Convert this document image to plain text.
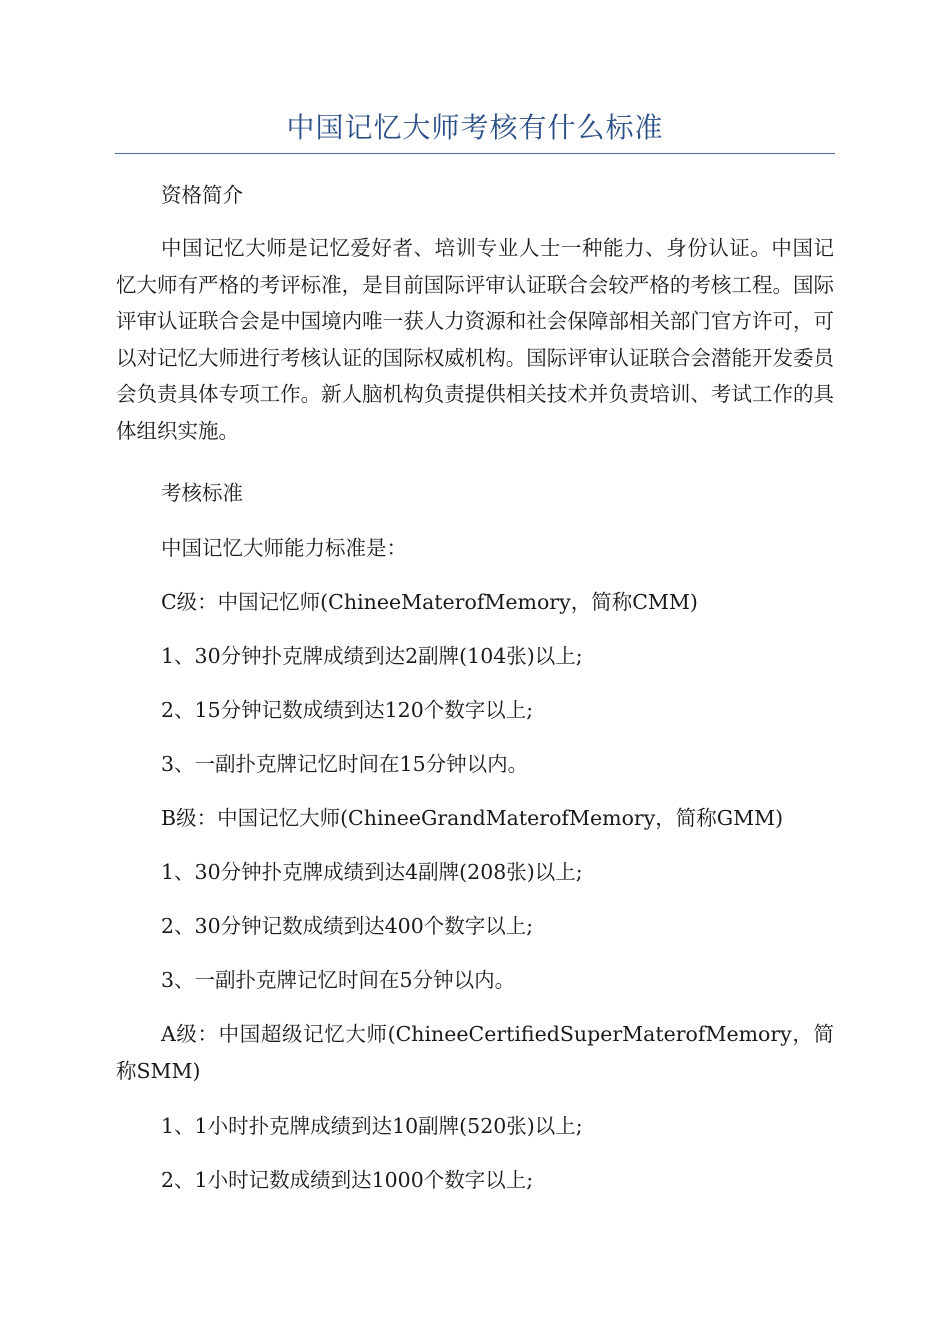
中国记忆大师考核有什么标准

资格简介

中国记忆大师是记忆爱好者、培训专业人士一种能力、身份认证。中国记忆大师有严格的考评标准，是目前国际评审认证联合会较严格的考核工程。国际评审认证联合会是中国境内唯一获人力资源和社会保障部相关部门官方许可，可以对记忆大师进行考核认证的国际权威机构。国际评审认证联合会潜能开发委员会负责具体专项工作。新人脑机构负责提供相关技术并负责培训、考试工作的具体组织实施。

考核标准

中国记忆大师能力标准是：

C级：中国记忆师(ChineeMaterofMemory，简称CMM)

1、30分钟扑克牌成绩到达2副牌(104张)以上;

2、15分钟记数成绩到达120个数字以上;

3、一副扑克牌记忆时间在15分钟以内。

B级：中国记忆大师(ChineeGrandMaterofMemory，简称GMM)

1、30分钟扑克牌成绩到达4副牌(208张)以上;

2、30分钟记数成绩到达400个数字以上;

3、一副扑克牌记忆时间在5分钟以内。

A级：中国超级记忆大师(ChineeCertifiedSuperMaterofMemory，简称SMM)

1、1小时扑克牌成绩到达10副牌(520张)以上;

2、1小时记数成绩到达1000个数字以上;
